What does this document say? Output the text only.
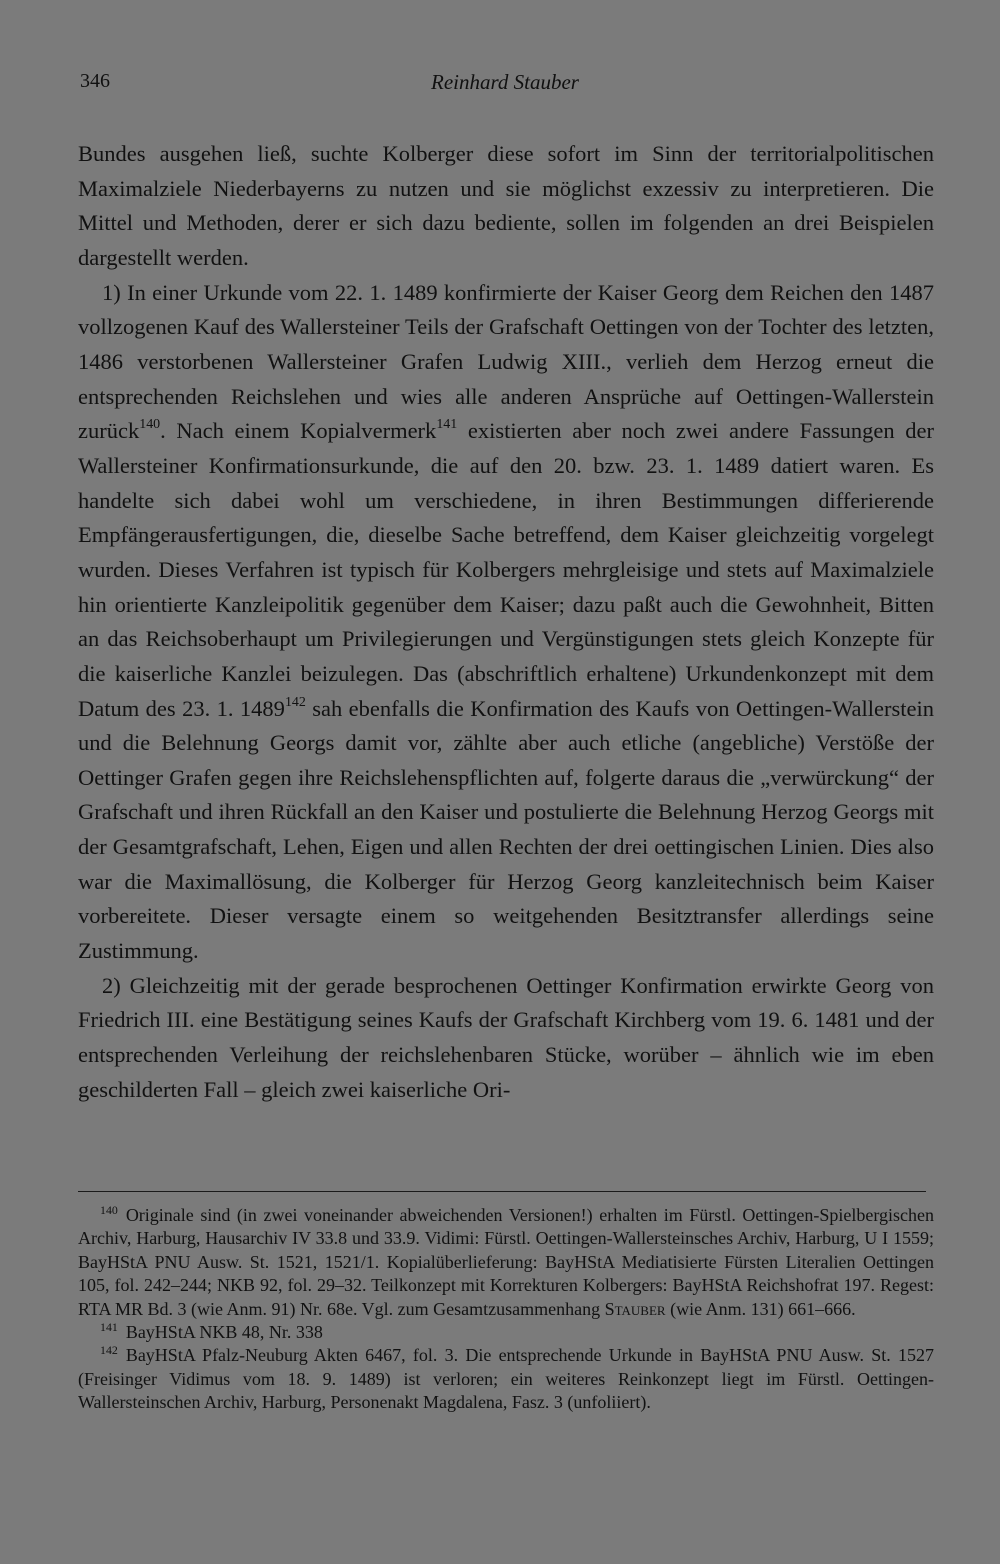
346	Reinhard Stauber

Bundes ausgehen ließ, suchte Kolberger diese sofort im Sinn der territorialpolitischen Maximalziele Niederbayerns zu nutzen und sie möglichst exzessiv zu interpretieren. Die Mittel und Methoden, derer er sich dazu bediente, sollen im folgenden an drei Beispielen dargestellt werden.

1) In einer Urkunde vom 22. 1. 1489 konfirmierte der Kaiser Georg dem Reichen den 1487 vollzogenen Kauf des Wallersteiner Teils der Grafschaft Oettingen von der Tochter des letzten, 1486 verstorbenen Wallersteiner Grafen Ludwig XIII., verlieh dem Herzog erneut die entsprechenden Reichslehen und wies alle anderen Ansprüche auf Oettingen-Wallerstein zurück$^{140}$. Nach einem Kopialvermerk$^{141}$ existierten aber noch zwei andere Fassungen der Wallersteiner Konfirmationsurkunde, die auf den 20. bzw. 23. 1. 1489 datiert waren. Es handelte sich dabei wohl um verschiedene, in ihren Bestimmungen differierende Empfängerausfertigungen, die, dieselbe Sache betreffend, dem Kaiser gleichzeitig vorgelegt wurden. Dieses Verfahren ist typisch für Kolbergers mehrgleisige und stets auf Maximalziele hin orientierte Kanzleipolitik gegenüber dem Kaiser; dazu paßt auch die Gewohnheit, Bitten an das Reichsoberhaupt um Privilegierungen und Vergünstigungen stets gleich Konzepte für die kaiserliche Kanzlei beizulegen. Das (abschriftlich erhaltene) Urkundenkonzept mit dem Datum des 23. 1. 1489$^{142}$ sah ebenfalls die Konfirmation des Kaufs von Oettingen-Wallerstein und die Belehnung Georgs damit vor, zählte aber auch etliche (angebliche) Verstöße der Oettinger Grafen gegen ihre Reichslehenspflichten auf, folgerte daraus die „verwürckung“ der Grafschaft und ihren Rückfall an den Kaiser und postulierte die Belehnung Herzog Georgs mit der Gesamtgrafschaft, Lehen, Eigen und allen Rechten der drei oettingischen Linien. Dies also war die Maximallösung, die Kolberger für Herzog Georg kanzleitechnisch beim Kaiser vorbereitete. Dieser versagte einem so weitgehenden Besitztransfer allerdings seine Zustimmung.

2) Gleichzeitig mit der gerade besprochenen Oettinger Konfirmation erwirkte Georg von Friedrich III. eine Bestätigung seines Kaufs der Grafschaft Kirchberg vom 19. 6. 1481 und der entsprechenden Verleihung der reichslehenbaren Stücke, worüber – ähnlich wie im eben geschilderten Fall – gleich zwei kaiserliche Ori-

$^{140}$ Originale sind (in zwei voneinander abweichenden Versionen!) erhalten im Fürstl. Oettingen-Spielbergischen Archiv, Harburg, Hausarchiv IV 33.8 und 33.9. Vidimi: Fürstl. Oettingen-Wallersteinsches Archiv, Harburg, U I 1559; BayHStA PNU Ausw. St. 1521, 1521/1. Kopialüberlieferung: BayHStA Mediatisierte Fürsten Literalien Oettingen 105, fol. 242–244; NKB 92, fol. 29–32. Teilkonzept mit Korrekturen Kolbergers: BayHStA Reichshofrat 197. Regest: RTA MR Bd. 3 (wie Anm. 91) Nr. 68e. Vgl. zum Gesamtzusammenhang Stauber (wie Anm. 131) 661–666.

$^{141}$ BayHStA NKB 48, Nr. 338

$^{142}$ BayHStA Pfalz-Neuburg Akten 6467, fol. 3. Die entsprechende Urkunde in BayHStA PNU Ausw. St. 1527 (Freisinger Vidimus vom 18. 9. 1489) ist verloren; ein weiteres Reinkonzept liegt im Fürstl. Oettingen-Wallersteinschen Archiv, Harburg, Personenakt Magdalena, Fasz. 3 (unfoliiert).
